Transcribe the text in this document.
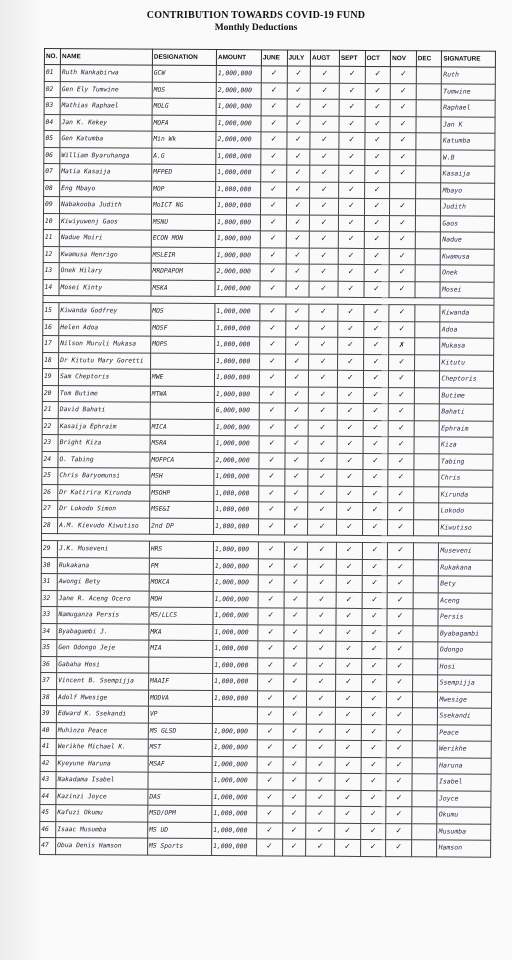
CONTRIBUTION TOWARDS COVID-19 FUND
Monthly Deductions
NO.	NAME	DESIGNATION	AMOUNT	JUNE	JULY	AUGT	SEPT	OCT	NOV	DEC	SIGNATURE
01	Ruth Nankabirwa	GCW	1,000,000	✓	✓	✓	✓	✓	✓		Ruth
02	Gen Ely Tumwine	MOS	2,000,000	✓	✓	✓	✓	✓	✓		Tumwine
03	Mathias Raphael	MOLG	1,000,000	✓	✓	✓	✓	✓	✓		Raphael
04	Jan K. Kekey	MOFA	1,000,000	✓	✓	✓	✓	✓	✓		Jan K
05	Gen Katumba	Min Wk	2,000,000	✓	✓	✓	✓	✓	✓		Katumba
06	William Byaruhanga	A.G	1,000,000	✓	✓	✓	✓	✓	✓		W.B
07	Matia Kasaija	MFPED	1,000,000	✓	✓	✓	✓	✓	✓		Kasaija
08	Eng Mbayo	MOP	1,000,000	✓	✓	✓	✓	✓			Mbayo
09	Nabakooba Judith	MoICT NG	1,000,000	✓	✓	✓	✓	✓	✓		Judith
10	Kiwiyuwenj Gaos	MSNU	1,000,000	✓	✓	✓	✓	✓	✓		Gaos
11	Nadue Moiri	ECON MON	1,000,000	✓	✓	✓	✓	✓	✓		Nadue
12	Kwamusa Henrigo	MSLEIR	1,000,000	✓	✓	✓	✓	✓	✓		Kwamusa
13	Onek Hilary	MRDPAPOM	2,000,000	✓	✓	✓	✓	✓	✓		Onek
14	Mosei Kinty	MSKA	1,000,000	✓	✓	✓	✓	✓	✓		Mosei

15	Kiwanda Godfrey	MOS	1,000,000	✓	✓	✓	✓	✓	✓		Kiwanda
16	Helen Adoa	MOSF	1,000,000	✓	✓	✓	✓	✓	✓		Adoa
17	Nilson Muruli Mukasa	MOPS	1,000,000	✓	✓	✓	✓	✓	✗		Mukasa
18	Dr Kitutu Mary Goretti		1,000,000	✓	✓	✓	✓	✓	✓		Kitutu
19	Sam Cheptoris	MWE	1,000,000	✓	✓	✓	✓	✓	✓		Cheptoris
20	Tom Butime	MTWA	1,000,000	✓	✓	✓	✓	✓	✓		Butime
21	David Bahati		6,000,000	✓	✓	✓	✓	✓	✓		Bahati
22	Kasaija Ephraim	MICA	1,000,000	✓	✓	✓	✓	✓	✓		Ephraim
23	Bright Kiza	MSRA	1,000,000	✓	✓	✓	✓	✓	✓		Kiza
24	O. Tabing	MOFPCA	2,000,000	✓	✓	✓	✓	✓	✓		Tabing
25	Chris Baryomunsi	MSH	1,000,000	✓	✓	✓	✓	✓	✓		Chris
26	Dr Katirira Kirunda	MSOHP	1,000,000	✓	✓	✓	✓	✓	✓		Kirunda
27	Dr Lokodo Simon	MSE&I	1,000,000	✓	✓	✓	✓	✓	✓		Lokodo
28	A.M. Kievudo Kiwutiso	2nd DP	1,000,000	✓	✓	✓	✓	✓	✓		Kiwutiso

29	J.K. Museveni	HRS	1,000,000	✓	✓	✓	✓	✓	✓		Museveni
30	Rukakana	PM	1,000,000	✓	✓	✓	✓	✓	✓		Rukakana
31	Awongi Bety	MOKCA	1,000,000	✓	✓	✓	✓	✓	✓		Bety
32	Jane R. Aceng Ocero	MOH	1,000,000	✓	✓	✓	✓	✓	✓		Aceng
33	Namuganza Persis	MS/LLCS	1,000,000	✓	✓	✓	✓	✓	✓		Persis
34	Byabagambi J.	MKA	1,000,000	✓	✓	✓	✓	✓	✓		Byabagambi
35	Gen Odongo Jeje	MIA	1,000,000	✓	✓	✓	✓	✓	✓		Odongo
36	Gabaha Hosi		1,000,000	✓	✓	✓	✓	✓	✓		Hosi
37	Vincent B. Ssempijja	MAAIF	1,000,000	✓	✓	✓	✓	✓	✓		Ssempijja
38	Adolf Mwesige	MODVA	1,000,000	✓	✓	✓	✓	✓	✓		Mwesige
39	Edward K. Ssekandi	VP		✓	✓	✓	✓	✓	✓		Ssekandi
40	Muhinzo Peace	MS GLSD	1,000,000	✓	✓	✓	✓	✓	✓		Peace
41	Werikhe Michael K.	MST	1,000,000	✓	✓	✓	✓	✓	✓		Werikhe
42	Kyeyune Haruna	MSAF	1,000,000	✓	✓	✓	✓	✓	✓		Haruna
43	Nakadama Isabel		1,000,000	✓	✓	✓	✓	✓	✓		Isabel
44	Kazinzi Joyce	DAS	1,000,000	✓	✓	✓	✓	✓	✓		Joyce
45	Kafuzi Okumu	MSD/OPM	1,000,000	✓	✓	✓	✓	✓	✓		Okumu
46	Isaac Musumba	MS UD	1,000,000	✓	✓	✓	✓	✓	✓		Musumba
47	Obua Denis Hamson	MS Sports	1,000,000	✓	✓	✓	✓	✓	✓		Hamson
